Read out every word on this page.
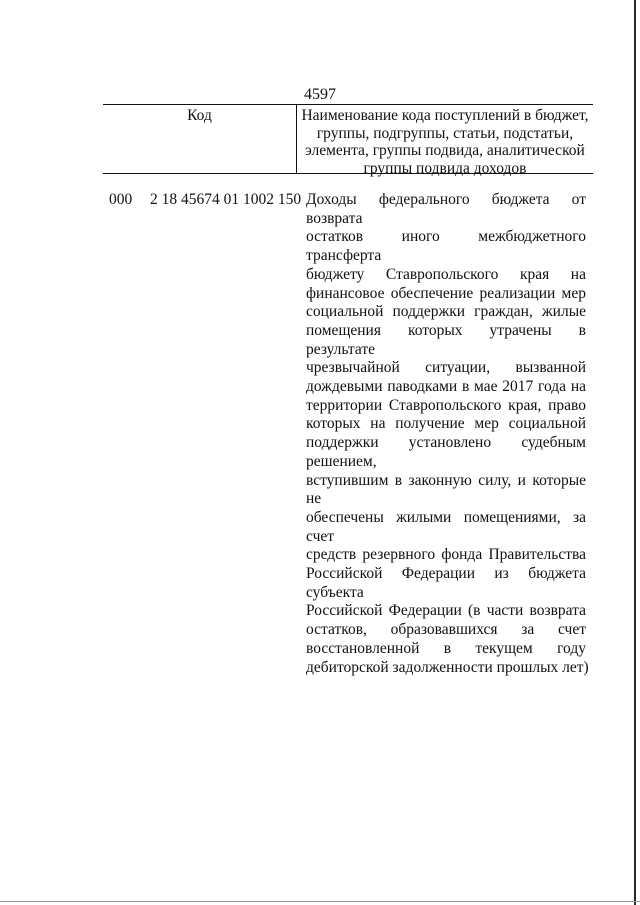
4597
Код	Наименование кода поступлений в бюджет,
группы, подгруппы, статьи, подстатьи,
элемента, группы подвида, аналитической
группы подвида доходов
000 2 18 45674 01 1002 150 Доходы федерального бюджета от возврата
остатков иного межбюджетного трансферта
бюджету Ставропольского края на
финансовое обеспечение реализации мер
социальной поддержки граждан, жилые
помещения которых утрачены в результате
чрезвычайной ситуации, вызванной
дождевыми паводками в мае 2017 года на
территории Ставропольского края, право
которых на получение мер социальной
поддержки установлено судебным решением,
вступившим в законную силу, и которые не
обеспечены жилыми помещениями, за счет
средств резервного фонда Правительства
Российской Федерации из бюджета субъекта
Российской Федерации (в части возврата
остатков, образовавшихся за счет
восстановленной в текущем году
дебиторской задолженности прошлых лет)
